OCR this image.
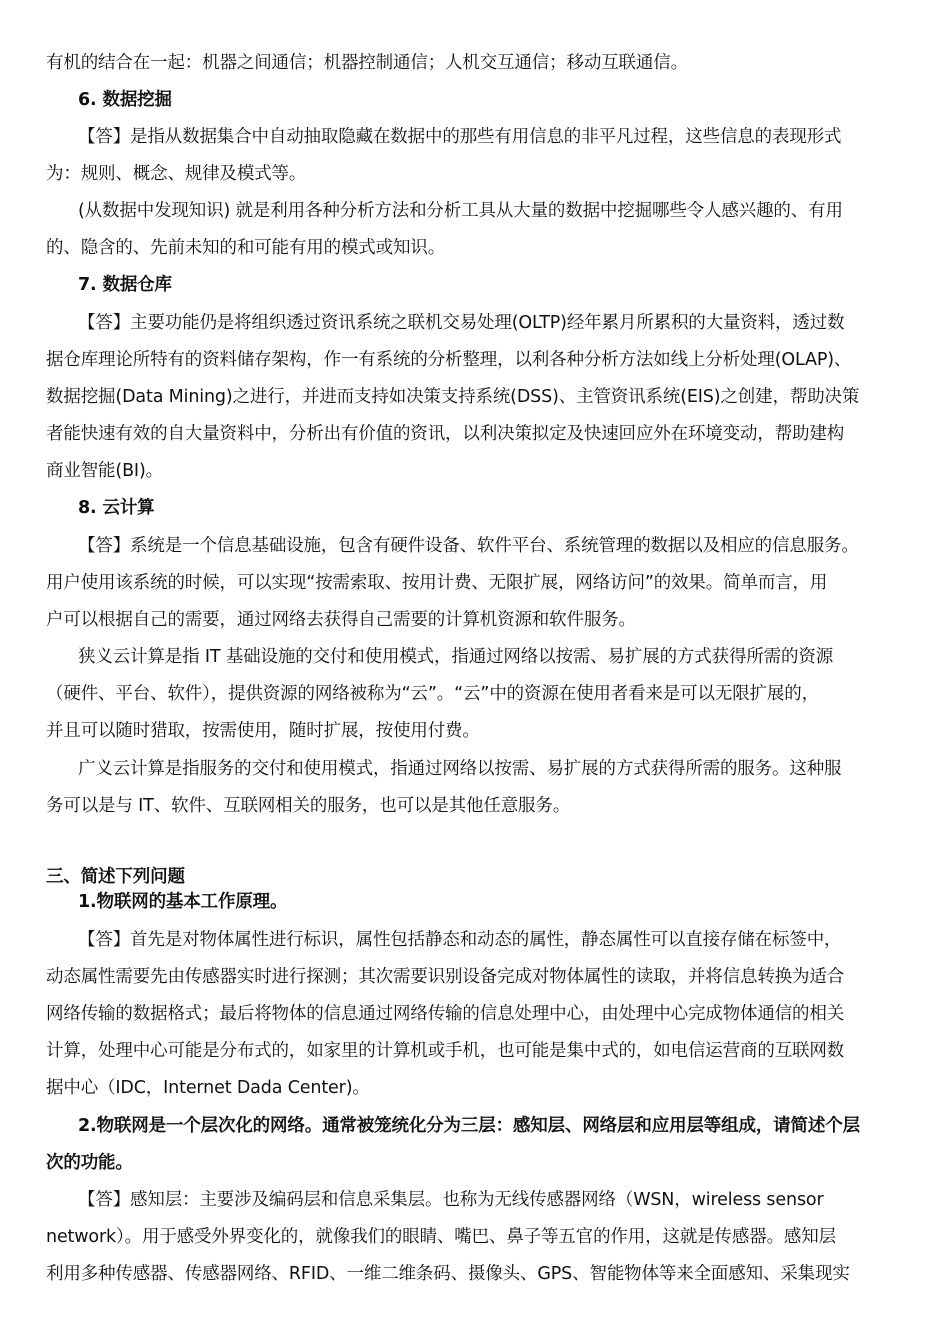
有机的结合在一起：机器之间通信；机器控制通信；人机交互通信；移动互联通信。
6. 数据挖掘
【答】是指从数据集合中自动抽取隐藏在数据中的那些有用信息的非平凡过程，这些信息的表现形式
为：规则、概念、规律及模式等。
(从数据中发现知识) 就是利用各种分析方法和分析工具从大量的数据中挖掘哪些令人感兴趣的、有用
的、隐含的、先前未知的和可能有用的模式或知识。
7. 数据仓库
【答】主要功能仍是将组织透过资讯系统之联机交易处理(OLTP)经年累月所累积的大量资料，透过数
据仓库理论所特有的资料储存架构，作一有系统的分析整理，以利各种分析方法如线上分析处理(OLAP)、
数据挖掘(Data Mining)之进行，并进而支持如决策支持系统(DSS)、主管资讯系统(EIS)之创建，帮助决策
者能快速有效的自大量资料中，分析出有价值的资讯，以利决策拟定及快速回应外在环境变动，帮助建构
商业智能(BI)。
8. 云计算
【答】系统是一个信息基础设施，包含有硬件设备、软件平台、系统管理的数据以及相应的信息服务。
用户使用该系统的时候，可以实现“按需索取、按用计费、无限扩展，网络访问”的效果。简单而言，用
户可以根据自己的需要，通过网络去获得自己需要的计算机资源和软件服务。
狭义云计算是指 IT 基础设施的交付和使用模式，指通过网络以按需、易扩展的方式获得所需的资源
（硬件、平台、软件），提供资源的网络被称为“云”。“云”中的资源在使用者看来是可以无限扩展的，
并且可以随时猎取，按需使用，随时扩展，按使用付费。
广义云计算是指服务的交付和使用模式，指通过网络以按需、易扩展的方式获得所需的服务。这种服
务可以是与 IT、软件、互联网相关的服务，也可以是其他任意服务。
三、简述下列问题
1.物联网的基本工作原理。
【答】首先是对物体属性进行标识，属性包括静态和动态的属性，静态属性可以直接存储在标签中，
动态属性需要先由传感器实时进行探测；其次需要识别设备完成对物体属性的读取，并将信息转换为适合
网络传输的数据格式；最后将物体的信息通过网络传输的信息处理中心，由处理中心完成物体通信的相关
计算，处理中心可能是分布式的，如家里的计算机或手机，也可能是集中式的，如电信运营商的互联网数
据中心（IDC，Internet Dada Center)。
2.物联网是一个层次化的网络。通常被笼统化分为三层：感知层、网络层和应用层等组成，请简述个层
次的功能。
【答】感知层：主要涉及编码层和信息采集层。也称为无线传感器网络（WSN，wireless sensor
network）。用于感受外界变化的，就像我们的眼睛、嘴巴、鼻子等五官的作用，这就是传感器。感知层
利用多种传感器、传感器网络、RFID、一维二维条码、摄像头、GPS、智能物体等来全面感知、采集现实
